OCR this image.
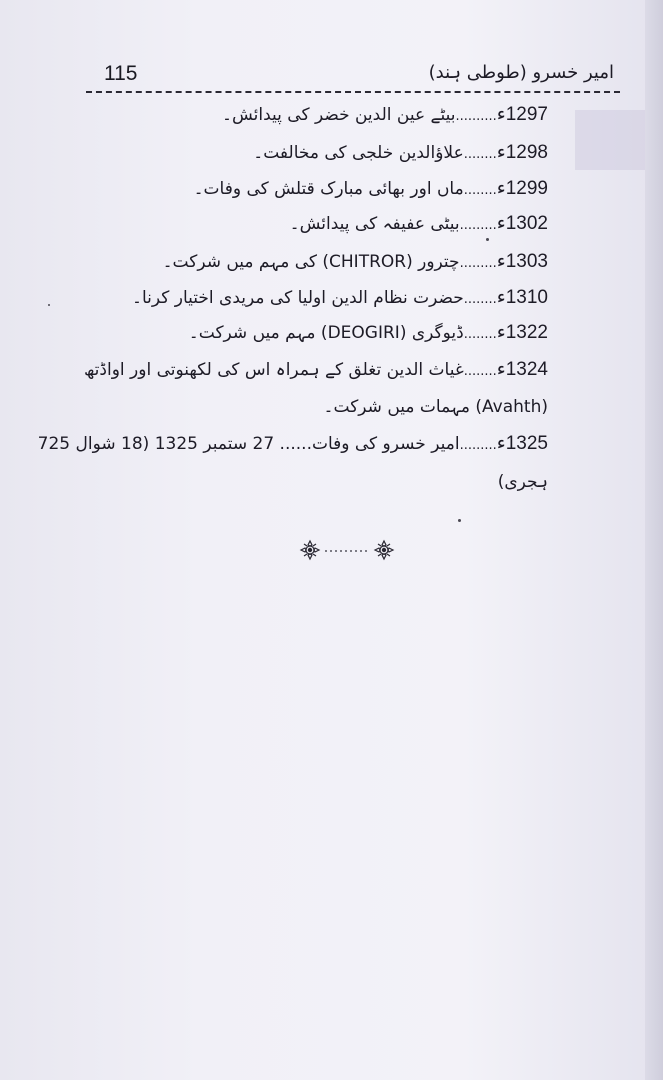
115	امیر خسرو (طوطی ہند)
1297ء..........بیٹے عین الدین خضر کی پیدائش۔
1298ء........علاؤالدین خلجی کی مخالفت۔
1299ء........ماں اور بھائی مبارک قتلش کی وفات۔
1302ء.........بیٹی عفیفہ کی پیدائش۔
1303ء.........چترور (CHITROR) کی مہم میں شرکت۔
1310ء........حضرت نظام الدین اولیا کی مریدی اختیار کرنا۔
1322ء........ڈیوگری (DEOGIRI) مہم میں شرکت۔
1324ء........غیاث الدین تغلق کے ہمراہ اس کی لکھنوتی اور اواڈتھ
(Avahth) مہمات میں شرکت۔
1325ء.........امیر خسرو کی وفات...... 27 ستمبر 1325 (18 شوال 725
ہجری)
